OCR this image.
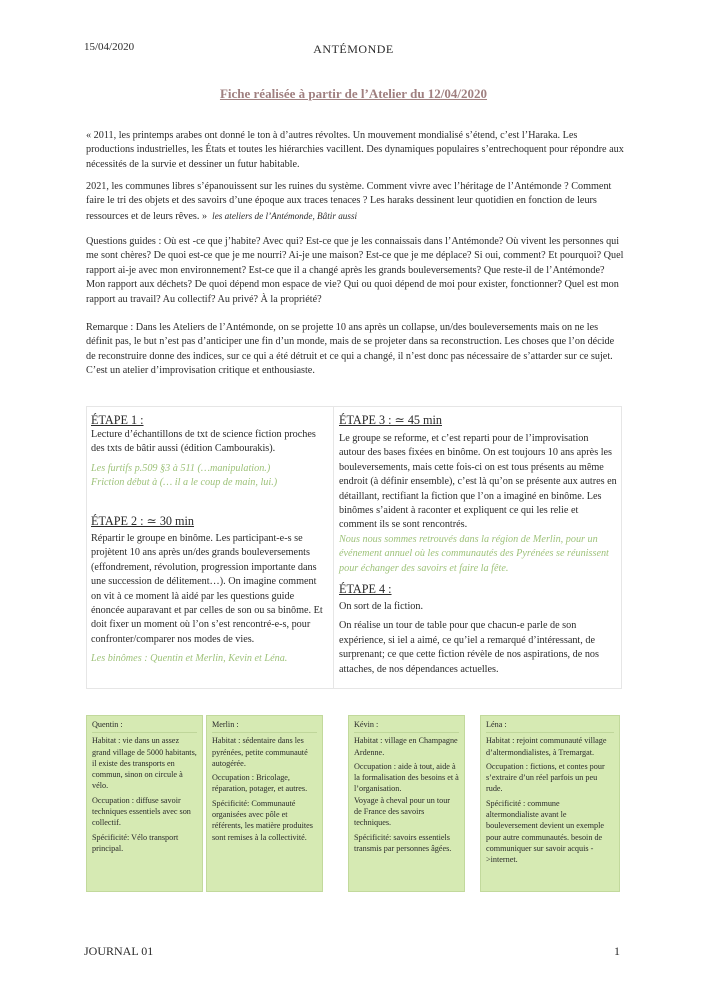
15/04/2020	ANTÉMONDE
Fiche réalisée à partir de l’Atelier du 12/04/2020

« 2011, les printemps arabes ont donné le ton à d’autres révoltes. Un mouvement mondialisé s’étend, c’est l’Haraka. Les productions industrielles, les États et toutes les hiérarchies vacillent. Des dynamiques populaires s’entrechoquent pour répondre aux nécessités de la survie et dessiner un futur habitable.

2021, les communes libres s’épanouissent sur les ruines du système. Comment vivre avec l’héritage de l’Antémonde ? Comment faire le tri des objets et des savoirs d’une époque aux traces tenaces ? Les haraks dessinent leur quotidien en fonction de leurs ressources et de leurs rêves. » les ateliers de l’Antémonde, Bâtir aussi

Questions guides : Où est -ce que j’habite? Avec qui? Est-ce que je les connaissais dans l’Antémonde? Où vivent les personnes qui me sont chères? De quoi est-ce que je me nourri? Ai-je une maison? Est-ce que je me déplace? Si oui, comment? Et pourquoi? Quel rapport ai-je avec mon environnement? Est-ce que il a changé après les grands bouleversements? Que reste-il de l’Antémonde? Mon rapport aux déchets? De quoi dépend mon espace de vie? Qui ou quoi dépend de moi pour exister, fonctionner? Quel est mon rapport au travail? Au collectif? Au privé? À la propriété?

Remarque : Dans les Ateliers de l’Antémonde, on se projette 10 ans après un collapse, un/des bouleversements mais on ne les définit pas, le but n’est pas d’anticiper une fin d’un monde, mais de se projeter dans sa reconstruction. Les choses que l’on décide de reconstruire donne des indices, sur ce qui a été détruit et ce qui a changé, il n’est donc pas nécessaire de s’attarder sur ce sujet. C’est un atelier d’improvisation critique et enthousiaste.

ÉTAPE 1 :

Lecture d’échantillons de txt de science fiction proches des txts de bâtir aussi (édition Cambourakis).

Les furtifs p.509 §3 à 511 (…manipulation.)

Friction début à (… il a le coup de main, lui.)

ÉTAPE 2 : ≃ 30 min

Répartir le groupe en binôme. Les participant-e-s se projètent 10 ans après un/des grands bouleversements (effondrement, révolution, progression importante dans une succession de délitement…). On imagine comment on vit à ce moment là aidé par les questions guide énoncée auparavant et par celles de son ou sa binôme. Et doit fixer un moment où l’on s’est rencontré-e-s, pour confronter/comparer nos modes de vies.

Les binômes : Quentin et Merlin, Kevin et Léna.

ÉTAPE 3 : ≃ 45 min

Le groupe se reforme, et c’est reparti pour de l’improvisation autour des bases fixées en binôme. On est toujours 10 ans après les bouleversements, mais cette fois-ci on est tous présents au même endroit (à définir ensemble), c’est là qu’on se présente aux autres en détaillant, rectifiant la fiction que l’on a imaginé en binôme. Les binômes s’aident à raconter et expliquent ce qui les relie et comment ils se sont rencontrés.

Nous nous sommes retrouvés dans la région de Merlin, pour un événement annuel où les communautés des Pyrénées se réunissent pour échanger des savoirs et faire la fête.

ÉTAPE 4 :

On sort de la fiction.

On réalise un tour de table pour que chacun-e parle de son expérience, si iel a aimé, ce qu’iel a remarqué d’intéressant, de surprenant; ce que cette fiction révèle de nos aspirations, de nos attaches, de nos dépendances actuelles.

Quentin :

Habitat : vie dans un assez grand village de 5000 habitants, il existe des transports en commun, sinon on circule à vélo.

Occupation : diffuse savoir techniques essentiels avec son collectif.

Spécificité: Vélo transport principal.

Merlin :

Habitat : sédentaire dans les pyrénées, petite communauté autogérée.

Occupation : Bricolage, réparation, potager, et autres.

Spécificité: Communauté organisées avec pôle et référents, les matière produites sont remises à la collectivité.

Kévin :

Habitat : village en Champagne Ardenne.

Occupation : aide à tout, aide à la formalisation des besoins et à l’organisation.

Voyage à cheval pour un tour de France des savoirs techniques.

Spécificité: savoirs essentiels transmis par personnes âgées.

Léna :

Habitat : rejoint communauté village d’altermondialistes, à Tremargat.

Occupation : fictions, et contes pour s’extraire d’un réel parfois un peu rude.

Spécificité : commune altermondialiste avant le bouleversement devient un exemple pour autre communautés. besoin de communiquer sur savoir acquis ->internet.

JOURNAL 01	1
